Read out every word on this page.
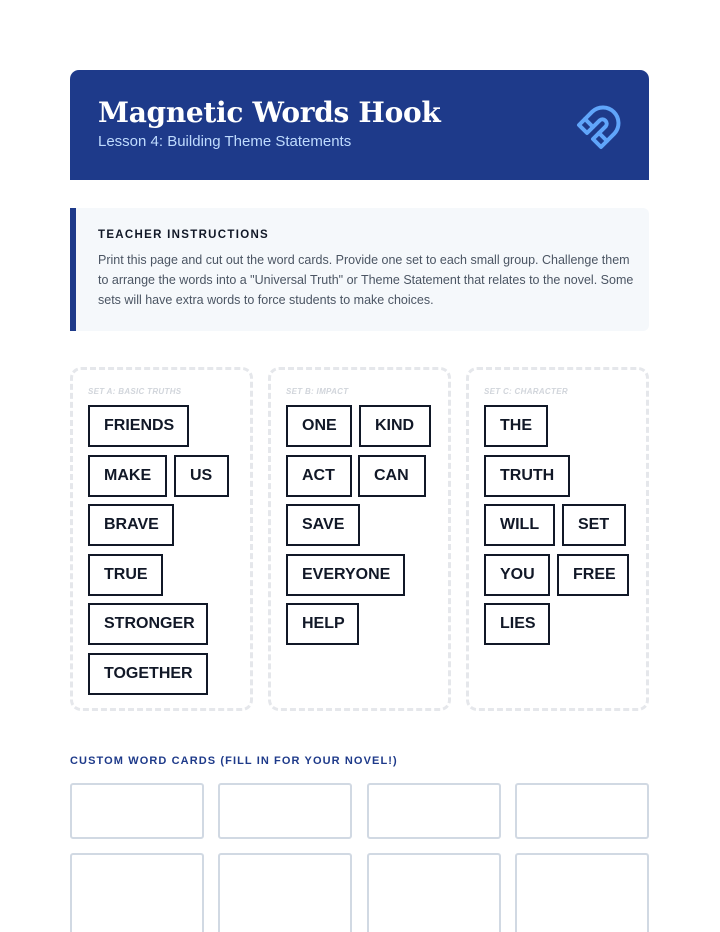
Magnetic Words Hook
Lesson 4: Building Theme Statements
TEACHER INSTRUCTIONS
Print this page and cut out the word cards. Provide one set to each small group. Challenge them to arrange the words into a "Universal Truth" or Theme Statement that relates to the novel. Some sets will have extra words to force students to make choices.
SET A: BASIC TRUTHS
FRIENDS
MAKE	US
BRAVE
TRUE
STRONGER
TOGETHER
SET B: IMPACT
ONE	KIND
ACT	CAN
SAVE
EVERYONE
HELP
SET C: CHARACTER
THE
TRUTH
WILL	SET
YOU	FREE
LIES
CUSTOM WORD CARDS (FILL IN FOR YOUR NOVEL!)
